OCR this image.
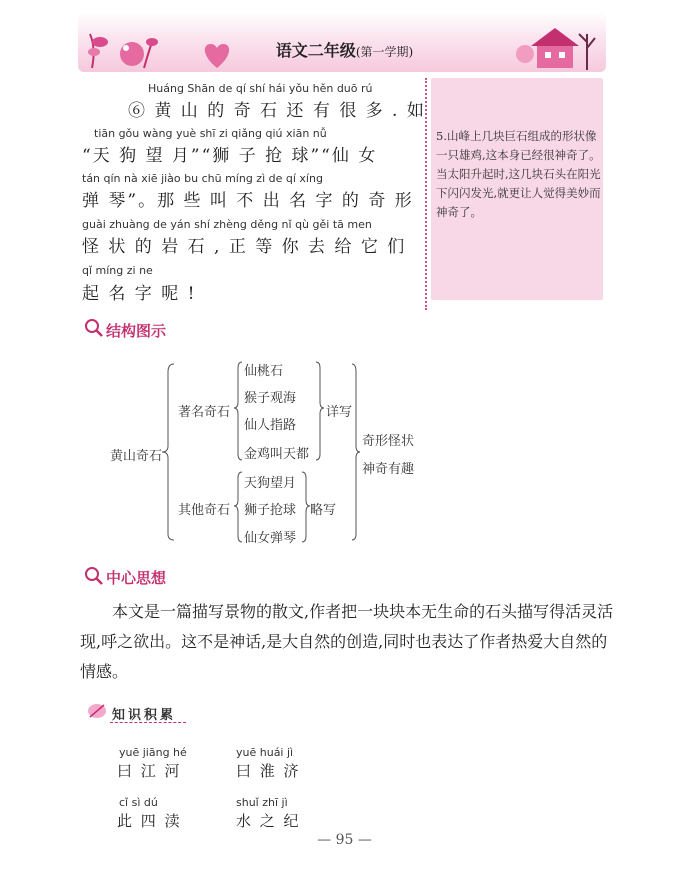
语文二年级(第一学期)
Huáng Shān de qí shí hái yǒu hěn duō rú
⑥ 黄 山 的 奇 石 还 有 很 多 . 如
tiān gǒu wàng yuè shī zi qiǎng qiú xiān nǚ
“天 狗 望 月”“狮 子 抢 球”“仙 女
tán qín nà xiē jiào bu chū míng zì de qí xíng
弹 琴”。那 些 叫 不 出 名 字 的 奇 形
guài zhuàng de yán shí zhèng děng nǐ qù gěi tā men
怪 状 的 岩 石 , 正 等 你 去 给 它 们
qǐ míng zi ne
起 名 字 呢 !
5.山峰上几块巨石组成的形状像一只雄鸡,这本身已经很神奇了。当太阳升起时,这几块石头在阳光下闪闪发光,就更让人觉得美妙而神奇了。
结构图示
黄山奇石
著名奇石
仙桃石
猴子观海
仙人指路
金鸡叫天都
详写
其他奇石
天狗望月
狮子抢球
仙女弹琴
略写
奇形怪状
神奇有趣
中心思想
本文是一篇描写景物的散文,作者把一块块本无生命的石头描写得活灵活现,呼之欲出。这不是神话,是大自然的创造,同时也表达了作者热爱大自然的情感。
知识积累
yuē jiāng hé
曰 江 河
yuē huái jì
曰 淮 济
cǐ sì dú
此 四 渎
shuǐ zhī jì
水 之 纪
— 95 —
